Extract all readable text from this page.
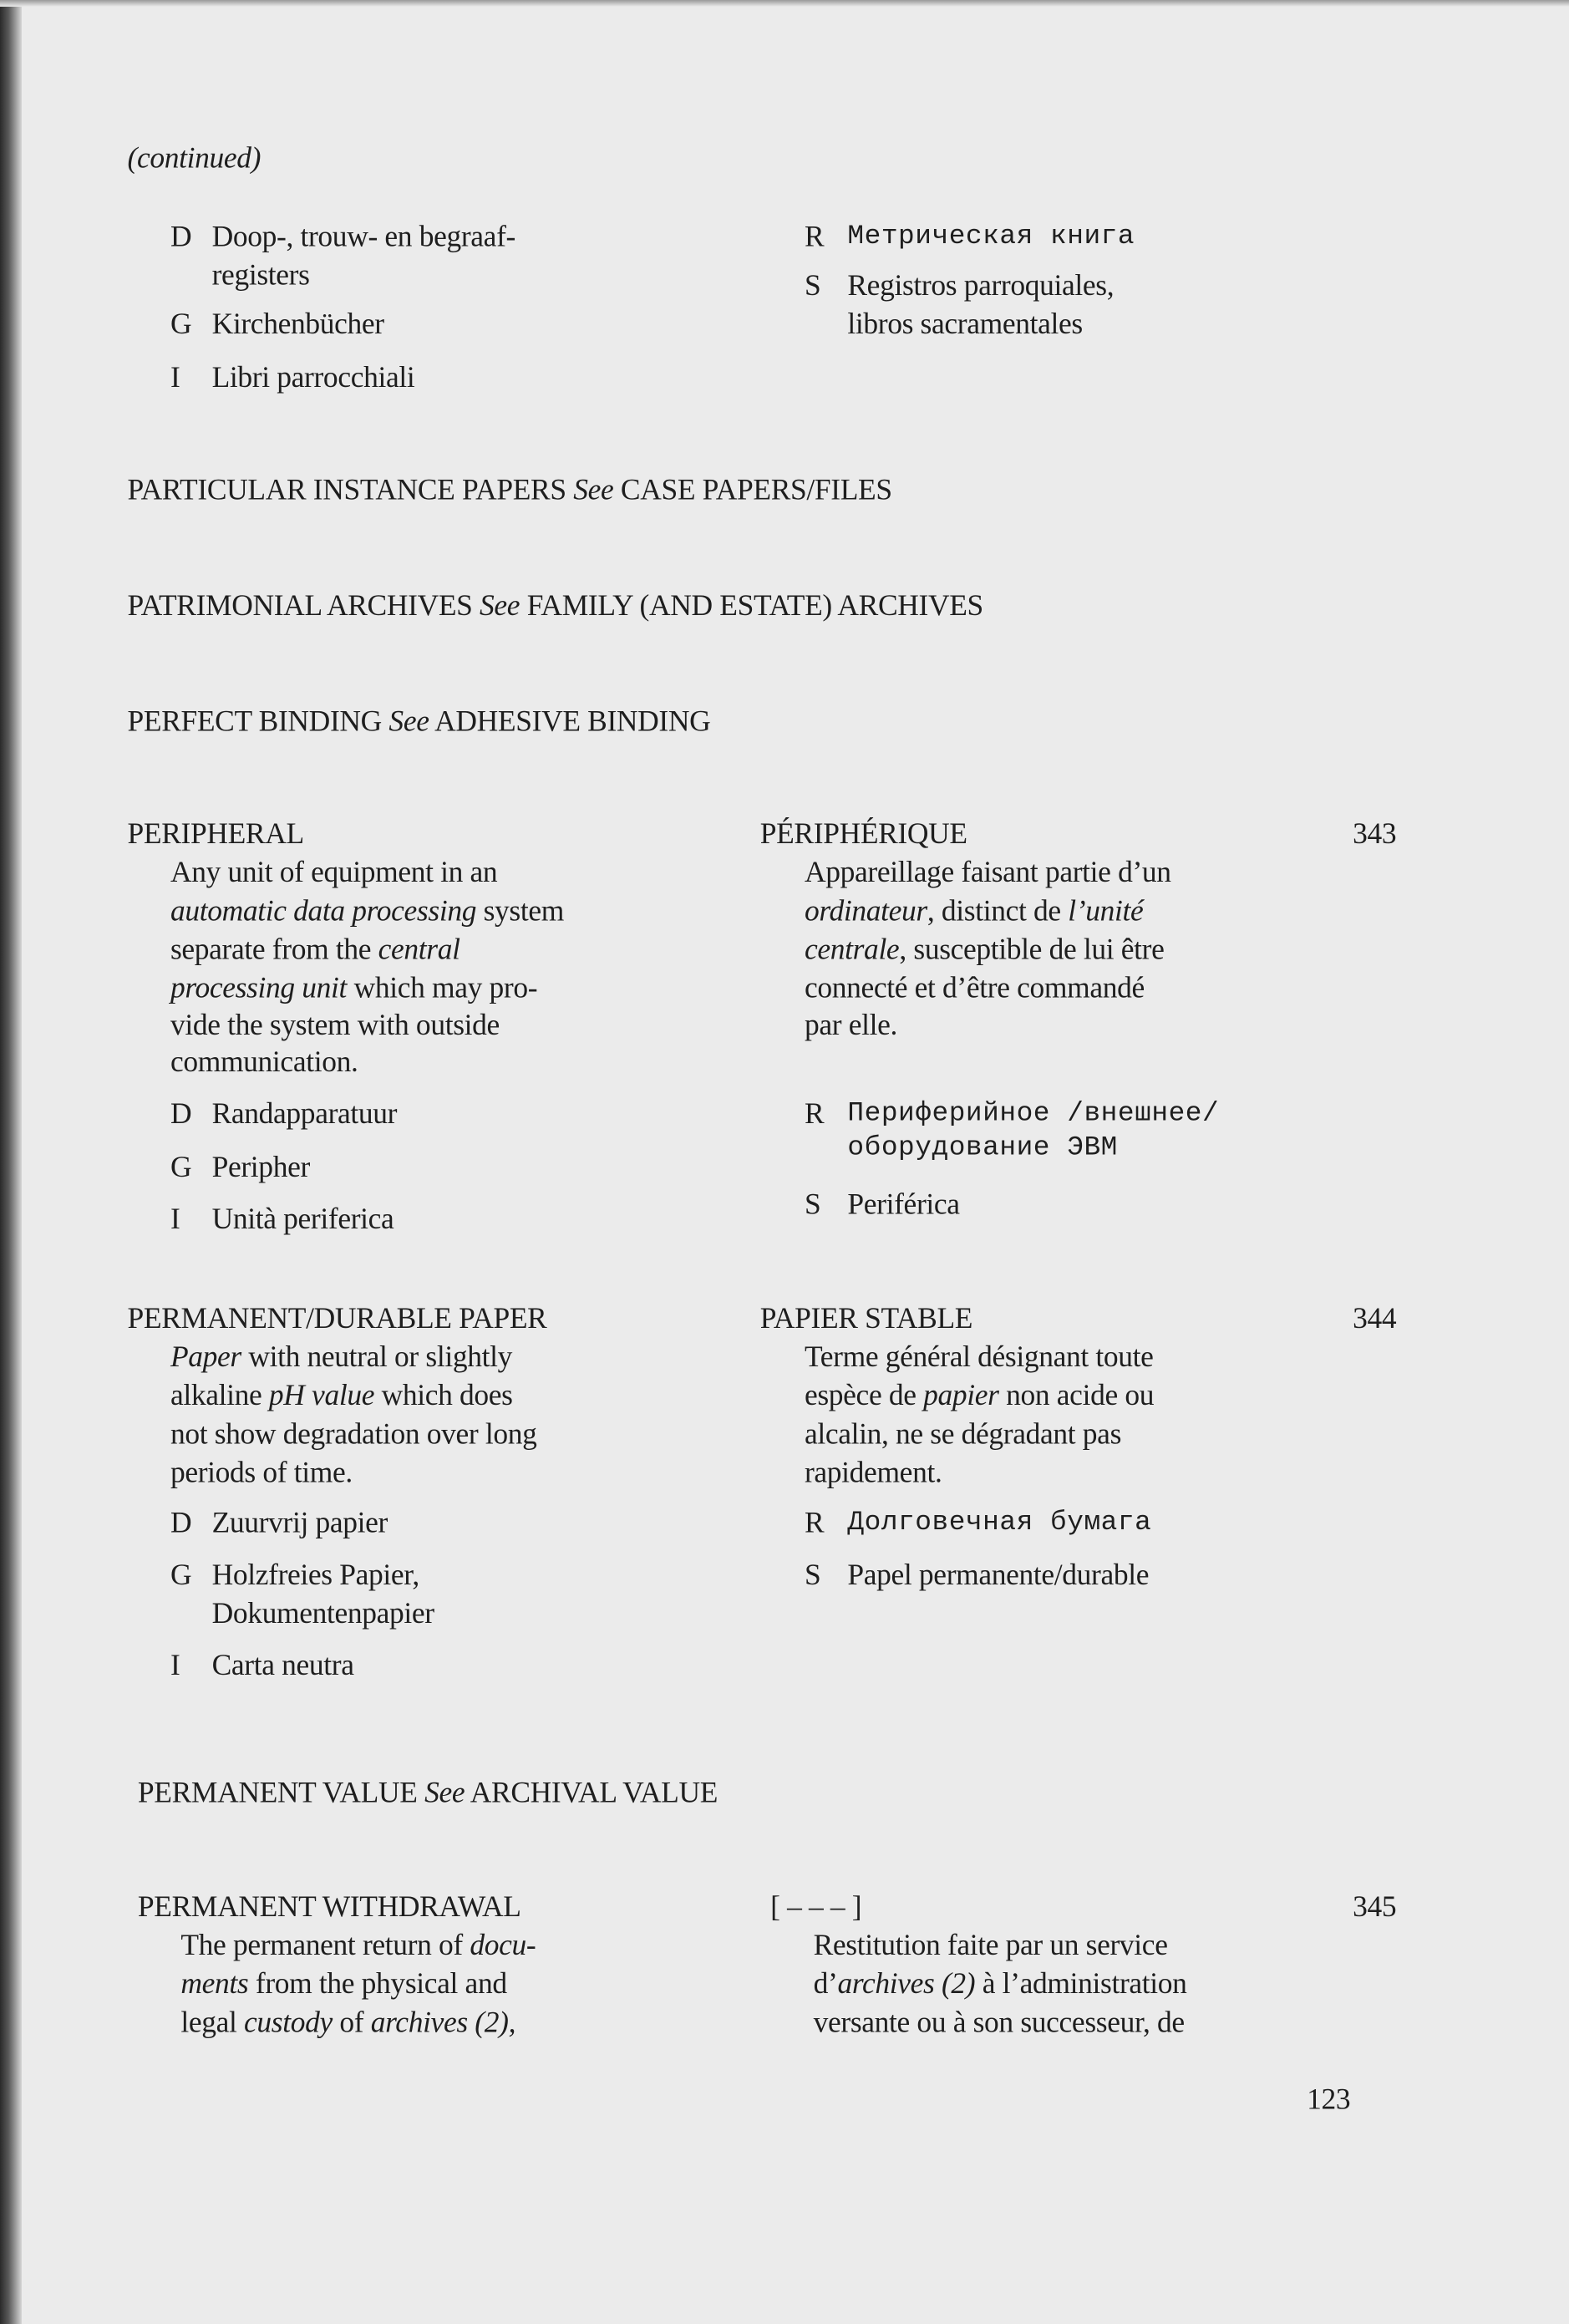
(continued)
D Doop-, trouw- en begraaf-
registers
G Kirchenbücher
I Libri parrocchiali
R Метрическая книга
S Registros parroquiales,
libros sacramentales
PARTICULAR INSTANCE PAPERS See CASE PAPERS/FILES
PATRIMONIAL ARCHIVES See FAMILY (AND ESTATE) ARCHIVES
PERFECT BINDING See ADHESIVE BINDING
PERIPHERAL	PÉRIPHÉRIQUE	343
Any unit of equipment in an
automatic data processing system
separate from the central
processing unit which may pro-
vide the system with outside
communication.
Appareillage faisant partie d’un
ordinateur, distinct de l’unité
centrale, susceptible de lui être
connecté et d’être commandé
par elle.
D Randapparatuur
G Peripher
I Unità periferica
R Периферийное /внешнее/
оборудование ЭВМ
S Periférica
PERMANENT/DURABLE PAPER	PAPIER STABLE	344
Paper with neutral or slightly
alkaline pH value which does
not show degradation over long
periods of time.
Terme général désignant toute
espèce de papier non acide ou
alcalin, ne se dégradant pas
rapidement.
D Zuurvrij papier
G Holzfreies Papier,
Dokumentenpapier
I Carta neutra
R Долговечная бумага
S Papel permanente/durable
PERMANENT VALUE See ARCHIVAL VALUE
PERMANENT WITHDRAWAL	[ – – – ]	345
The permanent return of docu-
ments from the physical and
legal custody of archives (2),
Restitution faite par un service
d’archives (2) à l’administration
versante ou à son successeur, de
123
